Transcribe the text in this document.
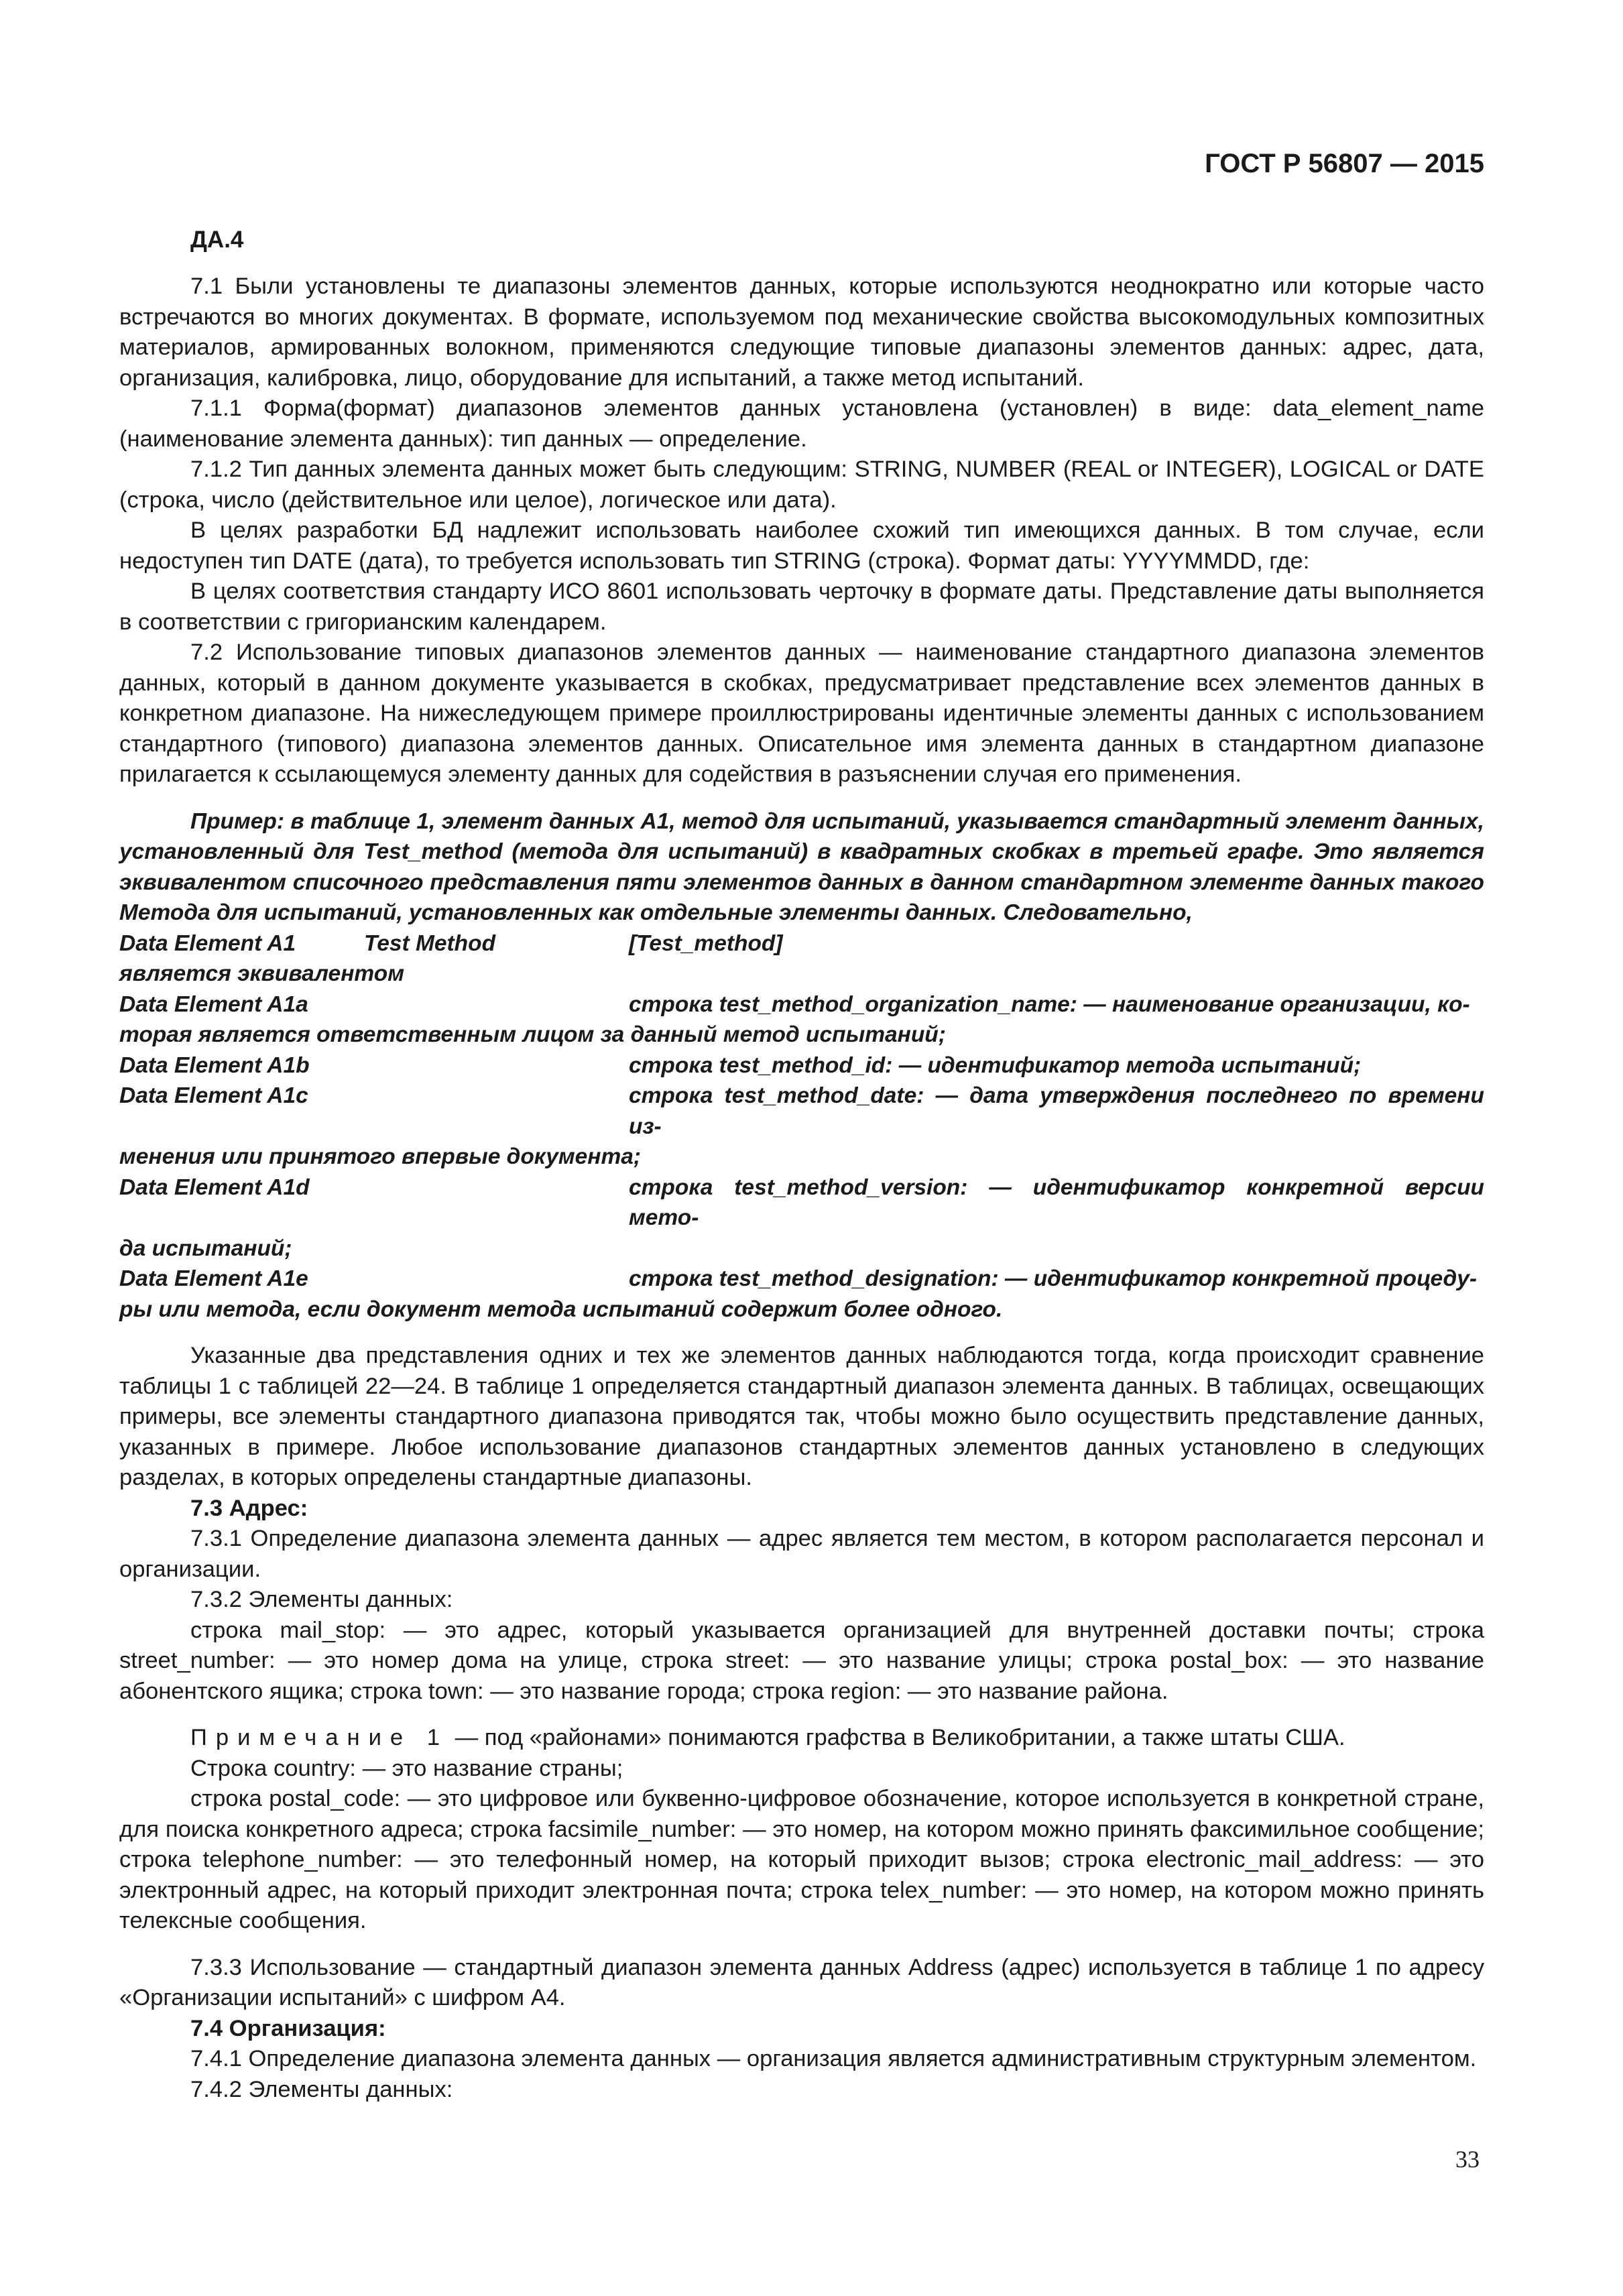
ГОСТ Р 56807 — 2015
ДА.4

7.1 Были установлены те диапазоны элементов данных, которые используются неоднократно или которые часто встречаются во многих документах. В формате, используемом под механические свойства высокомодульных композитных материалов, армированных волокном, применяются следующие типовые диапазоны элементов данных: адрес, дата, организация, калибровка, лицо, оборудование для испытаний, а также метод испытаний.

7.1.1 Форма(формат) диапазонов элементов данных установлена (установлен) в виде: data_element_name (наименование элемента данных): тип данных — определение.

7.1.2 Тип данных элемента данных может быть следующим: STRING, NUMBER (REAL or INTEGER), LOGICAL or DATE (строка, число (действительное или целое), логическое или дата).

В целях разработки БД надлежит использовать наиболее схожий тип имеющихся данных. В том случае, если недоступен тип DATE (дата), то требуется использовать тип STRING (строка). Формат даты: YYYYMMDD, где:

В целях соответствия стандарту ИСО 8601 использовать черточку в формате даты. Представление даты выполняется в соответствии с григорианским календарем.

7.2 Использование типовых диапазонов элементов данных — наименование стандартного диапазона элементов данных, который в данном документе указывается в скобках, предусматривает представление всех элементов данных в конкретном диапазоне. На нижеследующем примере проиллюстрированы идентичные элементы данных с использованием стандартного (типового) диапазона элементов данных. Описательное имя элемента данных в стандартном диапазоне прилагается к ссылающемуся элементу данных для содействия в разъяснении случая его применения.

Пример: в таблице 1, элемент данных А1, метод для испытаний, указывается стандартный элемент данных, установленный для Test_method (метода для испытаний) в квадратных скобках в третьей графе. Это является эквивалентом списочного представления пяти элементов данных в данном стандартном элементе данных такого Метода для испытаний, установленных как отдельные элементы данных. Следовательно,

Data Element A1	Test Method	[Test_method]

является эквивалентом

Data Element A1a	строка test_method_organization_name: — наименование организации, ко-

торая является ответственным лицом за данный метод испытаний;

Data Element A1b	строка test_method_id: — идентификатор метода испытаний;
Data Element A1c	строка test_method_date: — дата утверждения последнего по времени из-

менения или принятого впервые документа;

Data Element A1d	строка test_method_version: — идентификатор конкретной версии мето-

да испытаний;

Data Element A1e	строка test_method_designation: — идентификатор конкретной процеду-

ры или метода, если документ метода испытаний содержит более одного.

Указанные два представления одних и тех же элементов данных наблюдаются тогда, когда происходит сравнение таблицы 1 с таблицей 22—24. В таблице 1 определяется стандартный диапазон элемента данных. В таблицах, освещающих примеры, все элементы стандартного диапазона приводятся так, чтобы можно было осуществить представление данных, указанных в примере. Любое использование диапазонов стандартных элементов данных установлено в следующих разделах, в которых определены стандартные диапазоны.

7.3 Адрес:

7.3.1 Определение диапазона элемента данных — адрес является тем местом, в котором располагается персонал и организации.

7.3.2 Элементы данных:

строка mail_stop: — это адрес, который указывается организацией для внутренней доставки почты; строка street_number: — это номер дома на улице, строка street: — это название улицы; строка postal_box: — это название абонентского ящика; строка town: — это название города; строка region: — это название района.

Примечание 1 — под «районами» понимаются графства в Великобритании, а также штаты США.

Строка country: — это название страны;

строка postal_code: — это цифровое или буквенно-цифровое обозначение, которое используется в конкретной стране, для поиска конкретного адреса; строка facsimile_number: — это номер, на котором можно принять факсимильное сообщение; строка telephone_number: — это телефонный номер, на который приходит вызов; строка electronic_mail_address: — это электронный адрес, на который приходит электронная почта; строка telex_number: — это номер, на котором можно принять телексные сообщения.

7.3.3 Использование — стандартный диапазон элемента данных Address (адрес) используется в таблице 1 по адресу «Организации испытаний» с шифром А4.

7.4 Организация:

7.4.1 Определение диапазона элемента данных — организация является административным структурным элементом.

7.4.2 Элементы данных:

33
